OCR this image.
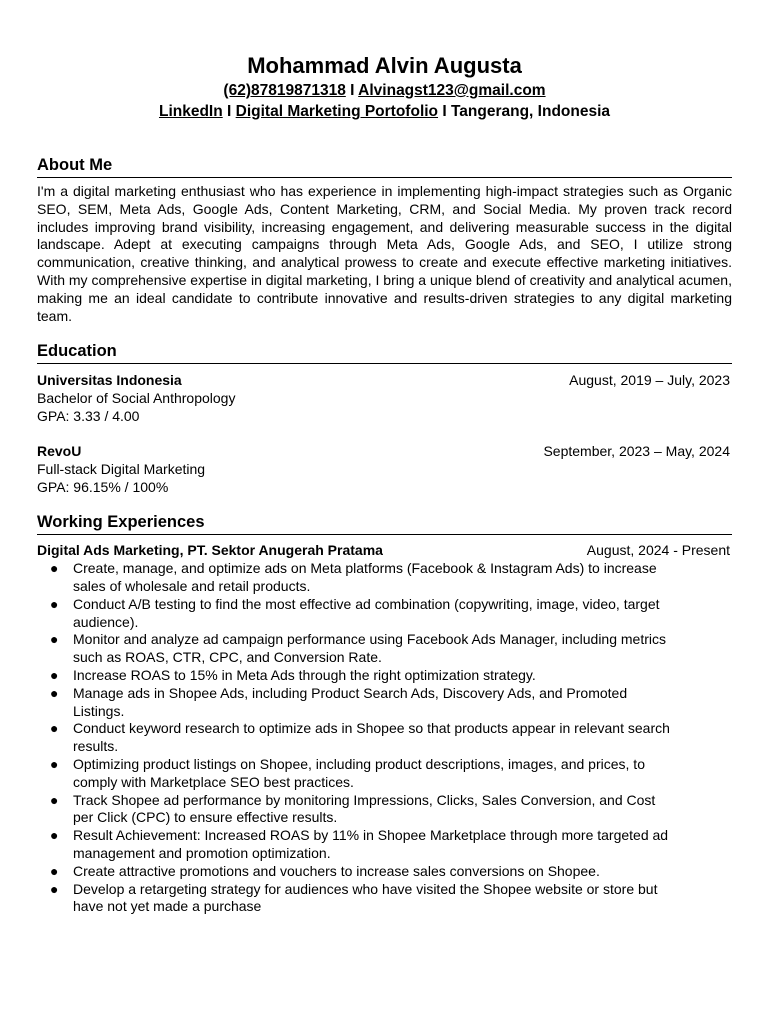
Mohammad Alvin Augusta
(62)87819871318 I Alvinagst123@gmail.com
LinkedIn I Digital Marketing Portofolio I Tangerang, Indonesia
About Me

I'm a digital marketing enthusiast who has experience in implementing high-impact strategies such as Organic SEO, SEM, Meta Ads, Google Ads, Content Marketing, CRM, and Social Media. My proven track record includes improving brand visibility, increasing engagement, and delivering measurable success in the digital landscape. Adept at executing campaigns through Meta Ads, Google Ads, and SEO, I utilize strong communication, creative thinking, and analytical prowess to create and execute effective marketing initiatives. With my comprehensive expertise in digital marketing, I bring a unique blend of creativity and analytical acumen, making me an ideal candidate to contribute innovative and results-driven strategies to any digital marketing team.

Education
Universitas Indonesia	August, 2019 – July, 2023
Bachelor of Social Anthropology
GPA: 3.33 / 4.00
RevoU	September, 2023 – May, 2024
Full-stack Digital Marketing
GPA: 96.15% / 100%
Working Experiences
Digital Ads Marketing, PT. Sektor Anugerah Pratama	August, 2024 - Present
● Create, manage, and optimize ads on Meta platforms (Facebook & Instagram Ads) to increase sales of wholesale and retail products.
● Conduct A/B testing to find the most effective ad combination (copywriting, image, video, target audience).
● Monitor and analyze ad campaign performance using Facebook Ads Manager, including metrics such as ROAS, CTR, CPC, and Conversion Rate.
● Increase ROAS to 15% in Meta Ads through the right optimization strategy.
● Manage ads in Shopee Ads, including Product Search Ads, Discovery Ads, and Promoted Listings.
● Conduct keyword research to optimize ads in Shopee so that products appear in relevant search results.
● Optimizing product listings on Shopee, including product descriptions, images, and prices, to comply with Marketplace SEO best practices.
● Track Shopee ad performance by monitoring Impressions, Clicks, Sales Conversion, and Cost per Click (CPC) to ensure effective results.
● Result Achievement: Increased ROAS by 11% in Shopee Marketplace through more targeted ad management and promotion optimization.
● Create attractive promotions and vouchers to increase sales conversions on Shopee.
● Develop a retargeting strategy for audiences who have visited the Shopee website or store but have not yet made a purchase
